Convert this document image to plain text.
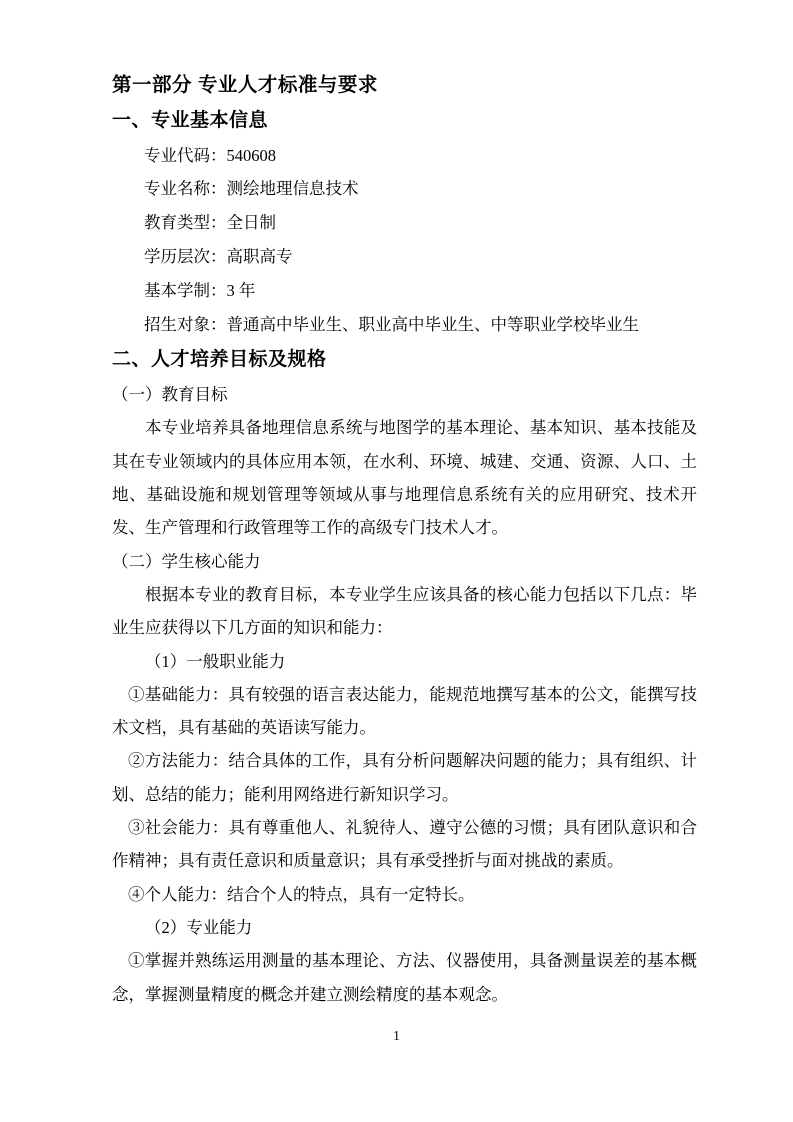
第一部分 专业人才标准与要求
一、专业基本信息
专业代码：540608
专业名称：测绘地理信息技术
教育类型：全日制
学历层次：高职高专
基本学制：3 年
招生对象：普通高中毕业生、职业高中毕业生、中等职业学校毕业生
二、人才培养目标及规格

（一）教育目标

本专业培养具备地理信息系统与地图学的基本理论、基本知识、基本技能及其在专业领域内的具体应用本领，在水利、环境、城建、交通、资源、人口、土地、基础设施和规划管理等领域从事与地理信息系统有关的应用研究、技术开发、生产管理和行政管理等工作的高级专门技术人才。

（二）学生核心能力

根据本专业的教育目标，本专业学生应该具备的核心能力包括以下几点：毕业生应获得以下几方面的知识和能力：

（1）一般职业能力

①基础能力：具有较强的语言表达能力，能规范地撰写基本的公文，能撰写技术文档，具有基础的英语读写能力。

②方法能力：结合具体的工作，具有分析问题解决问题的能力；具有组织、计划、总结的能力；能利用网络进行新知识学习。

③社会能力：具有尊重他人、礼貌待人、遵守公德的习惯；具有团队意识和合作精神；具有责任意识和质量意识；具有承受挫折与面对挑战的素质。

④个人能力：结合个人的特点，具有一定特长。

（2）专业能力

①掌握并熟练运用测量的基本理论、方法、仪器使用，具备测量误差的基本概念，掌握测量精度的概念并建立测绘精度的基本观念。

1
